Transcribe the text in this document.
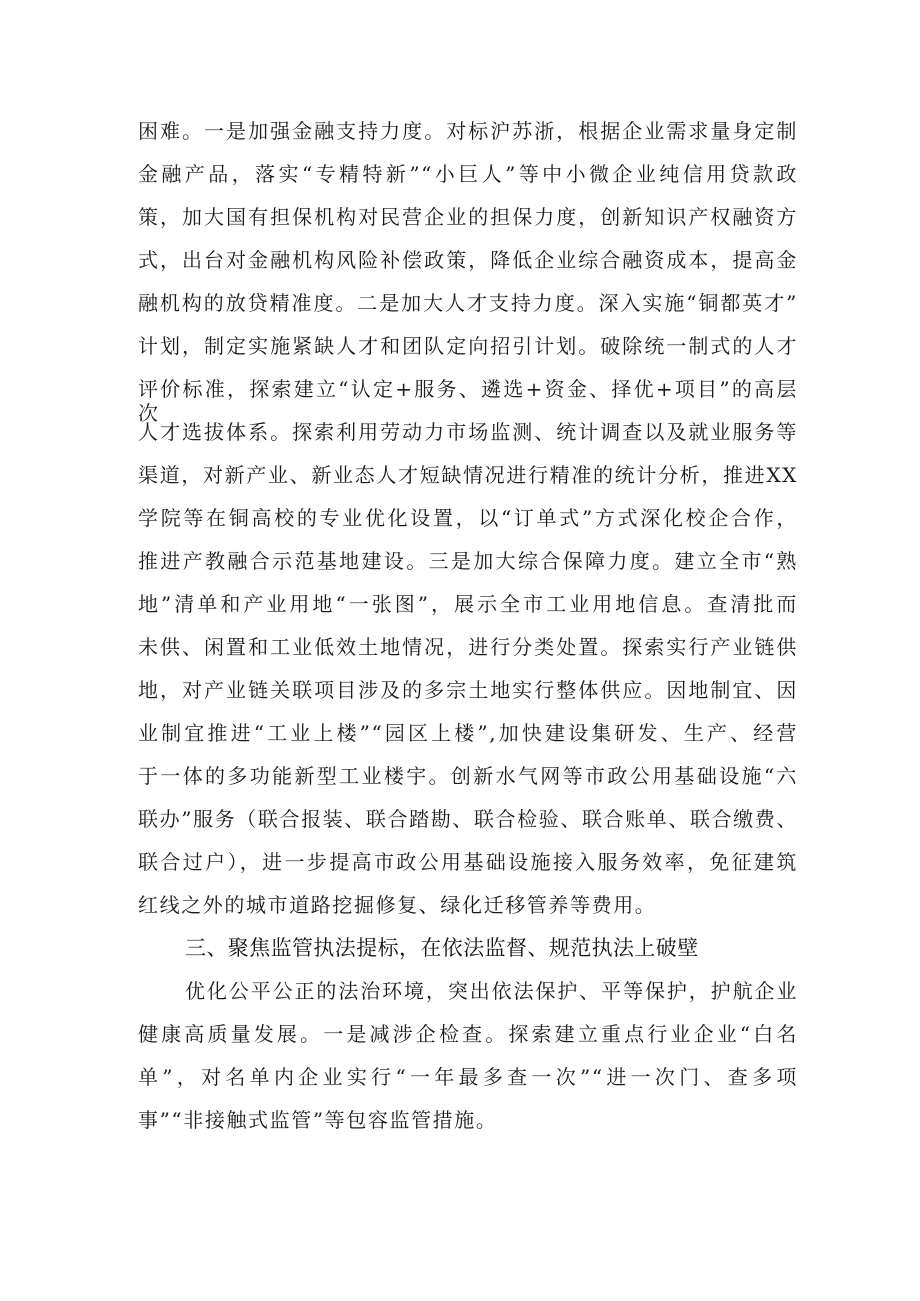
困难。一是加强金融支持力度。对标沪苏浙，根据企业需求量身定制
金融产品，落实“专精特新”“小巨人”等中小微企业纯信用贷款政
策，加大国有担保机构对民营企业的担保力度，创新知识产权融资方
式，出台对金融机构风险补偿政策，降低企业综合融资成本，提高金
融机构的放贷精准度。二是加大人才支持力度。深入实施“铜都英才”
计划，制定实施紧缺人才和团队定向招引计划。破除统一制式的人才
评价标准，探索建立“认定+服务、遴选+资金、择优+项目”的高层次
人才选拔体系。探索利用劳动力市场监测、统计调查以及就业服务等
渠道，对新产业、新业态人才短缺情况进行精准的统计分析，推进XX
学院等在铜高校的专业优化设置，以“订单式”方式深化校企合作，
推进产教融合示范基地建设。三是加大综合保障力度。建立全市“熟
地”清单和产业用地“一张图”，展示全市工业用地信息。查清批而
未供、闲置和工业低效土地情况，进行分类处置。探索实行产业链供
地，对产业链关联项目涉及的多宗土地实行整体供应。因地制宜、因
业制宜推进“工业上楼”“园区上楼”,加快建设集研发、生产、经营
于一体的多功能新型工业楼宇。创新水气网等市政公用基础设施“六
联办”服务（联合报装、联合踏勘、联合检验、联合账单、联合缴费、
联合过户），进一步提高市政公用基础设施接入服务效率，免征建筑
红线之外的城市道路挖掘修复、绿化迁移管养等费用。
三、聚焦监管执法提标，在依法监督、规范执法上破壁
优化公平公正的法治环境，突出依法保护、平等保护，护航企业
健康高质量发展。一是减涉企检查。探索建立重点行业企业“白名
单”，对名单内企业实行“一年最多查一次”“进一次门、查多项
事”“非接触式监管”等包容监管措施。
